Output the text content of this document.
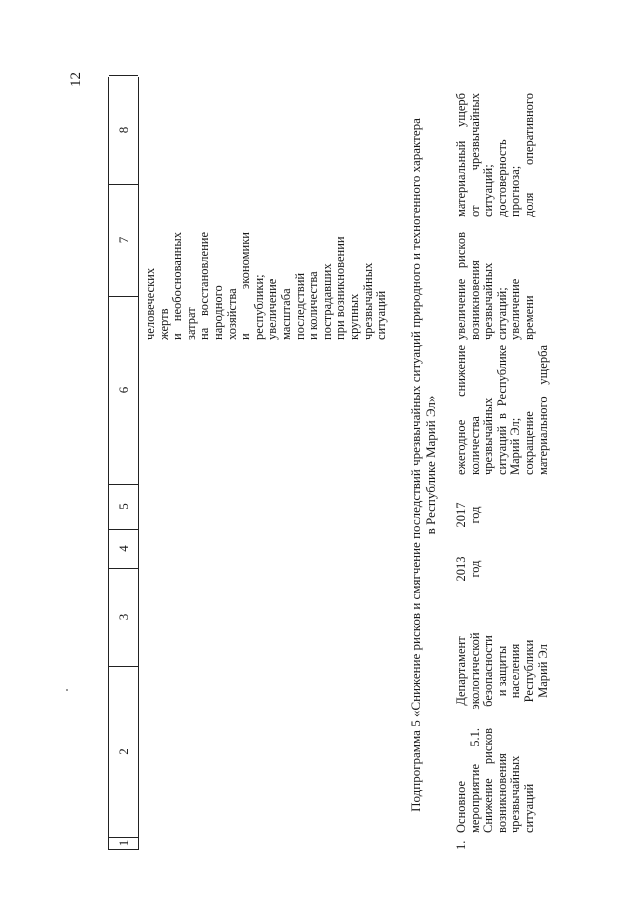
12
1
2
3
4
5
6
7
8
человеческих жертв и необоснованных затрат на восстановление народного хозяйства и экономики республики; увеличение масштаба последствий и количества пострадавших при возникновении крупных чрезвычайных ситуаций Подпрограмма 5 «Снижение рисков и смягчение последствий чрезвычайных ситуаций природного и техногенного характера в Республике Марий Эл»
1.
Основное мероприятие 5.1. Снижение рисков возникновения чрезвычайных ситуаций
Департамент экологической безопасности и защиты населения Республики Марий Эл
2013 год
2017 год
ежегодное снижение количества чрезвычайных ситуаций в Республике Марий Эл; сокращение материального ущерба
увеличение рисков возникновения чрезвычайных ситуаций; увеличение времени
материальный ущерб от чрезвычайных ситуаций; достоверность прогноза; доля оперативного
